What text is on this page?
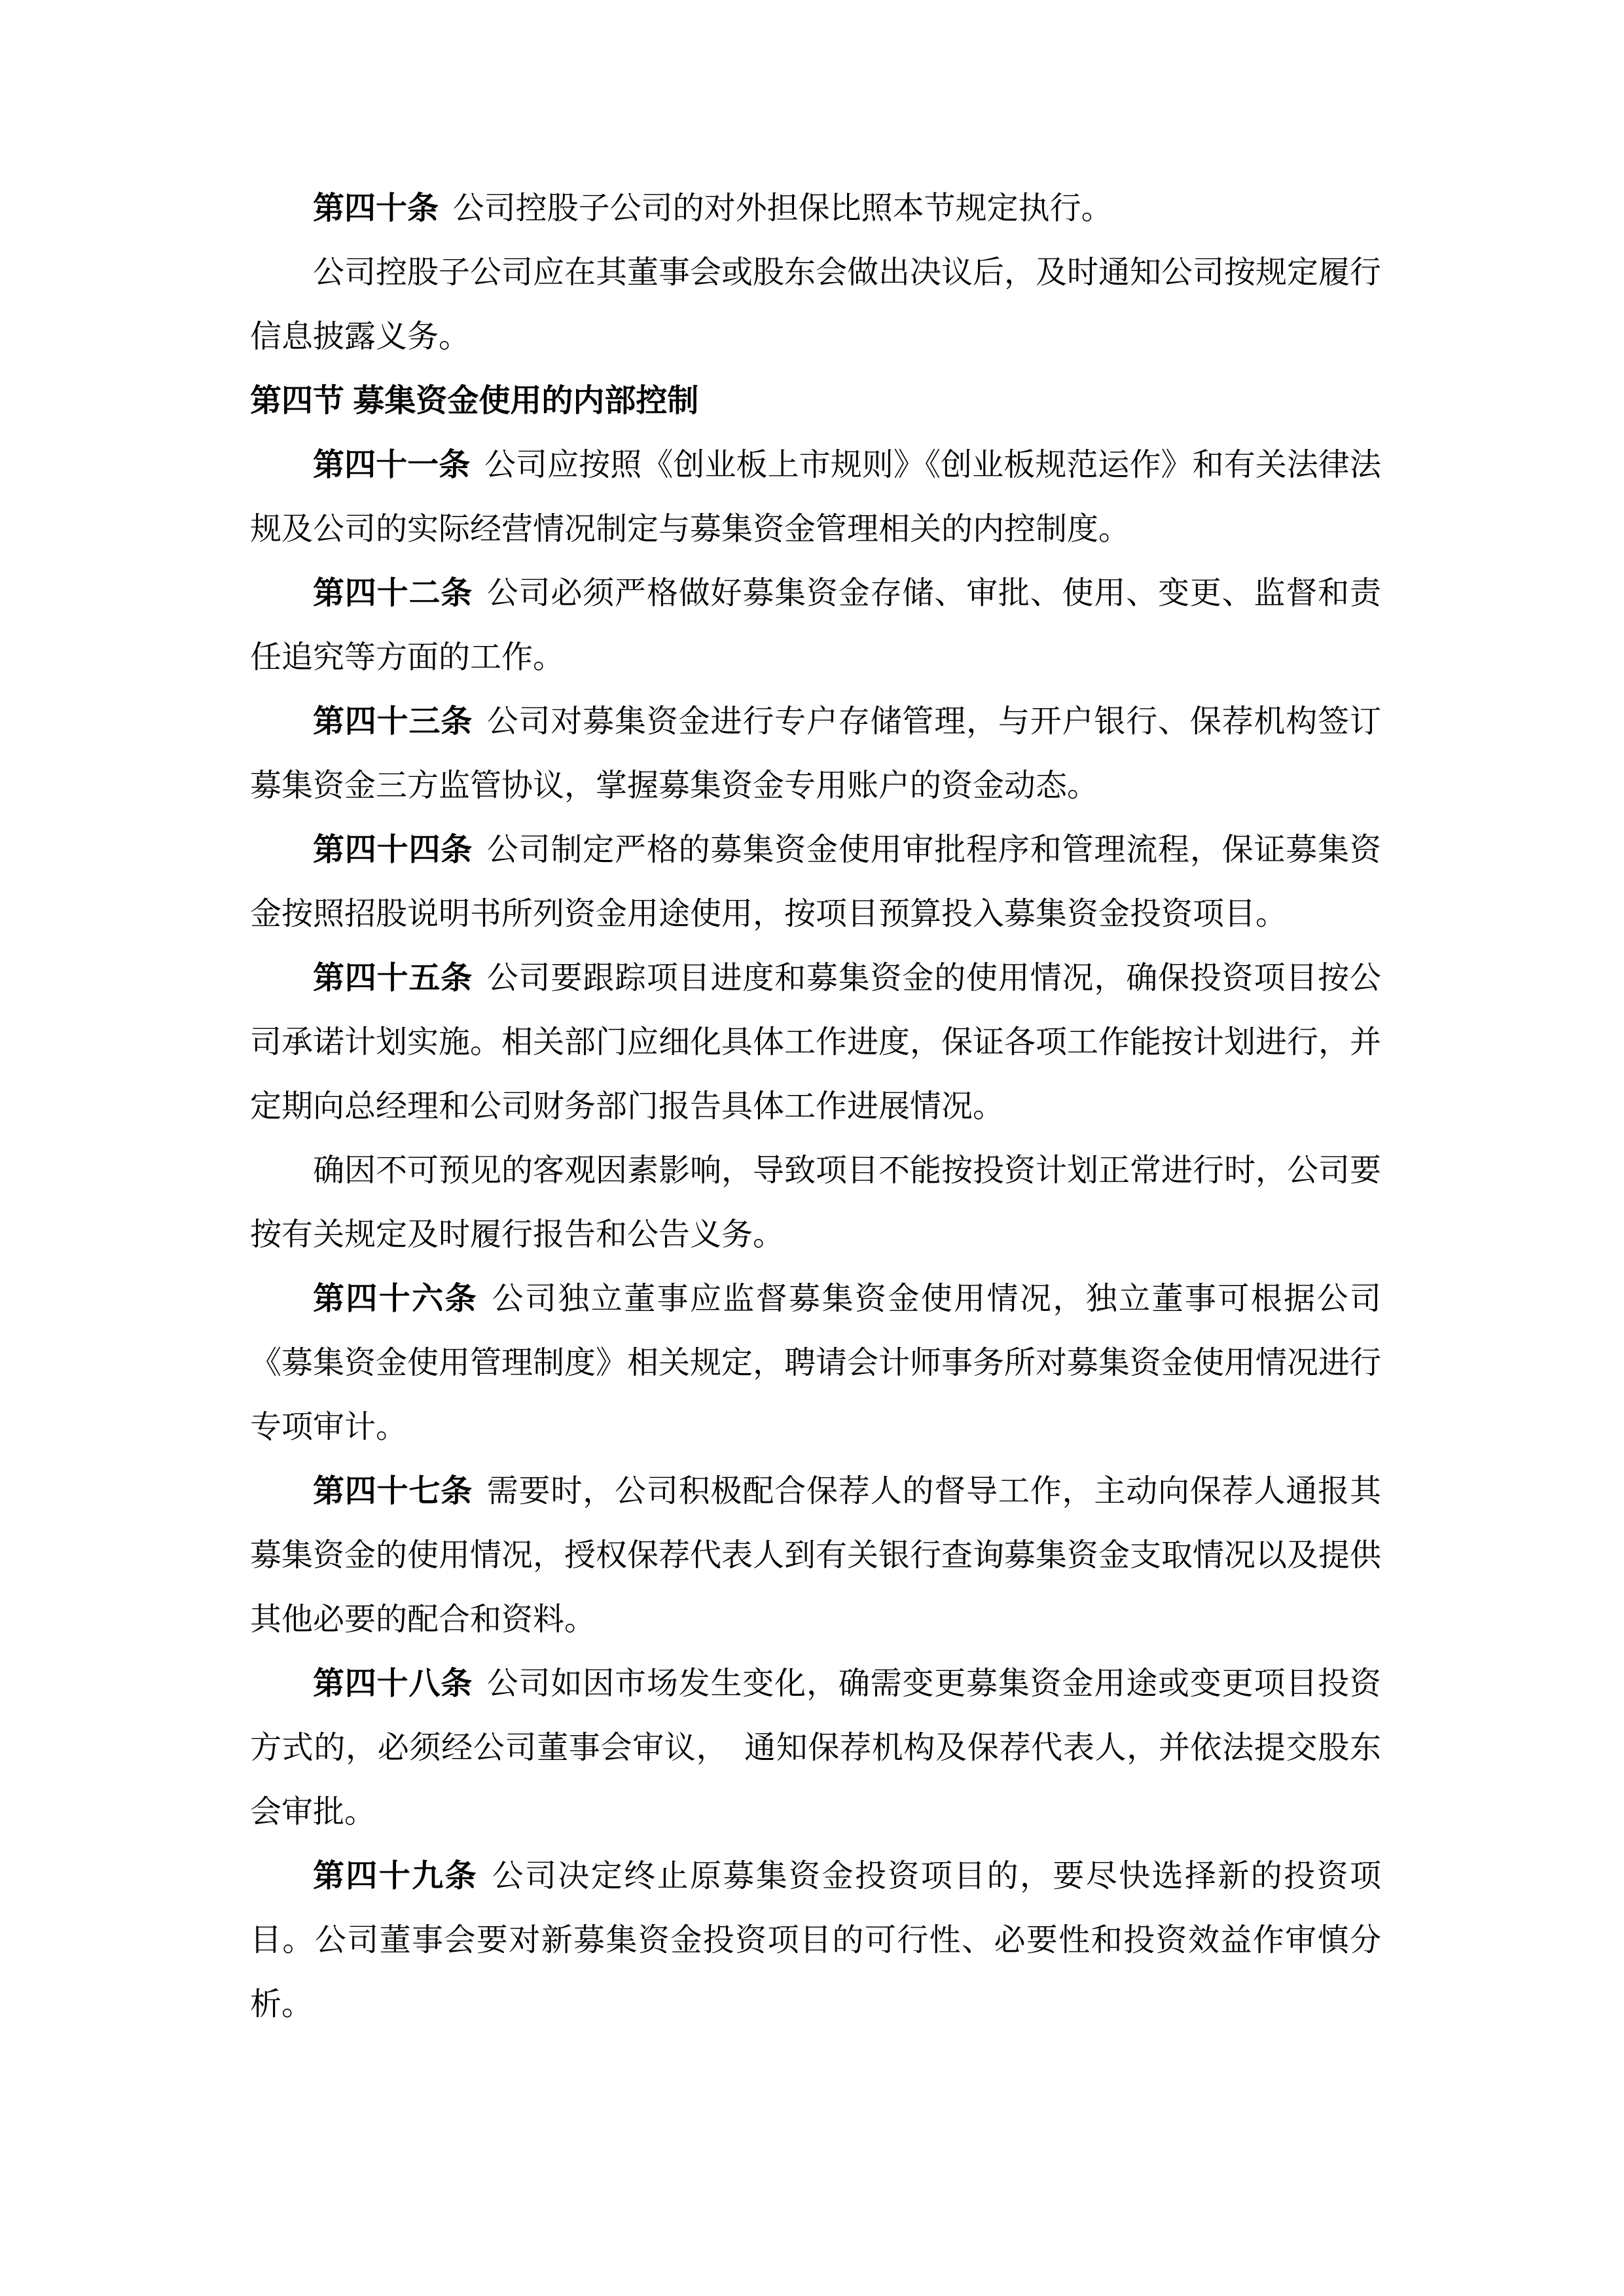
第四十条 公司控股子公司的对外担保比照本节规定执行。

公司控股子公司应在其董事会或股东会做出决议后，及时通知公司按规定履行信息披露义务。

第四节 募集资金使用的内部控制

第四十一条 公司应按照《创业板上市规则》《创业板规范运作》和有关法律法规及公司的实际经营情况制定与募集资金管理相关的内控制度。

第四十二条 公司必须严格做好募集资金存储、审批、使用、变更、监督和责任追究等方面的工作。

第四十三条 公司对募集资金进行专户存储管理，与开户银行、保荐机构签订募集资金三方监管协议，掌握募集资金专用账户的资金动态。

第四十四条 公司制定严格的募集资金使用审批程序和管理流程，保证募集资金按照招股说明书所列资金用途使用，按项目预算投入募集资金投资项目。

第四十五条 公司要跟踪项目进度和募集资金的使用情况，确保投资项目按公司承诺计划实施。相关部门应细化具体工作进度，保证各项工作能按计划进行，并定期向总经理和公司财务部门报告具体工作进展情况。

确因不可预见的客观因素影响，导致项目不能按投资计划正常进行时，公司要按有关规定及时履行报告和公告义务。

第四十六条 公司独立董事应监督募集资金使用情况，独立董事可根据公司《募集资金使用管理制度》相关规定，聘请会计师事务所对募集资金使用情况进行专项审计。

第四十七条 需要时，公司积极配合保荐人的督导工作，主动向保荐人通报其募集资金的使用情况，授权保荐代表人到有关银行查询募集资金支取情况以及提供其他必要的配合和资料。

第四十八条 公司如因市场发生变化，确需变更募集资金用途或变更项目投资方式的，必须经公司董事会审议，　通知保荐机构及保荐代表人，并依法提交股东会审批。

第四十九条 公司决定终止原募集资金投资项目的，要尽快选择新的投资项目。公司董事会要对新募集资金投资项目的可行性、必要性和投资效益作审慎分析。
